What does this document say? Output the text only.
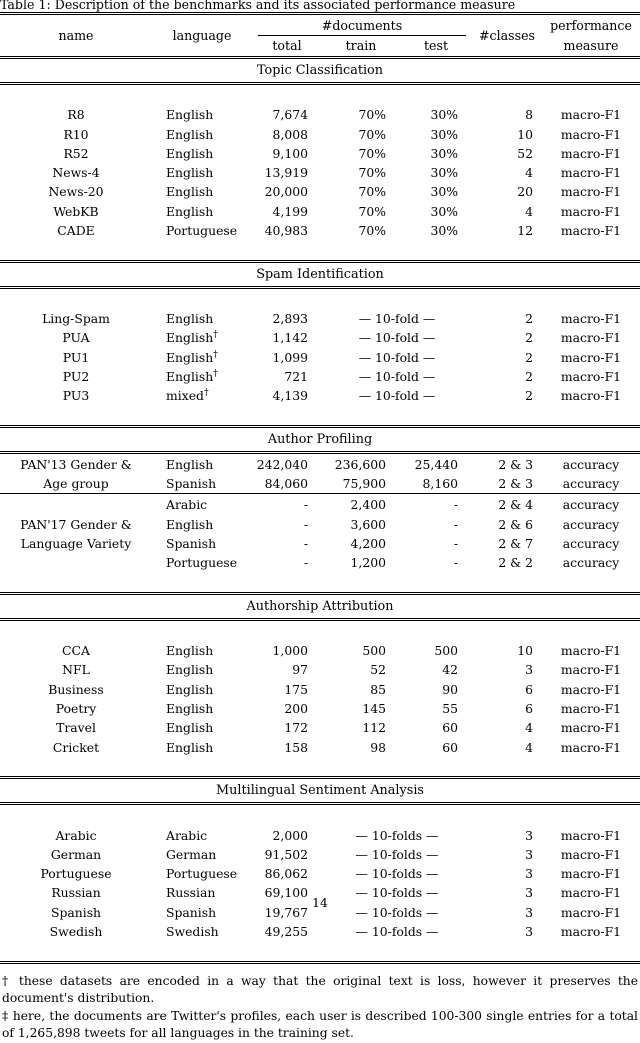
Table 1: Description of the benchmarks and its associated performance measure

name	language	#documents			#classes	performance
		total	train	test		measure

Topic Classification						

R8	English	7,674	70%	30%	8	macro-F1
R10	English	8,008	70%	30%	10	macro-F1
R52	English	9,100	70%	30%	52	macro-F1
News-4	English	13,919	70%	30%	4	macro-F1
News-20	English	20,000	70%	30%	20	macro-F1
WebKB	English	4,199	70%	30%	4	macro-F1
CADE	Portuguese	40,983	70%	30%	12	macro-F1

Spam Identification						

Ling-Spam	English	2,893	— 10-fold —		2	macro-F1
PUA	English†	1,142	— 10-fold —		2	macro-F1
PU1	English†	1,099	— 10-fold —		2	macro-F1
PU2	English†	721	— 10-fold —		2	macro-F1
PU3	mixed†	4,139	— 10-fold —		2	macro-F1

Author Profiling						

PAN'13 Gender &
Age group	English	242,040	236,600	25,440	2 & 3	accuracy
	Spanish	84,060	75,900	8,160	2 & 3	accuracy

PAN'17 Gender &
Language Variety	Arabic	-	2,400	-	2 & 4	accuracy
	English	-	3,600	-	2 & 6	accuracy
	Spanish	-	4,200	-	2 & 7	accuracy
	Portuguese	-	1,200	-	2 & 2	accuracy

Authorship Attribution						

CCA	English	1,000	500	500	10	macro-F1
NFL	English	97	52	42	3	macro-F1
Business	English	175	85	90	6	macro-F1
Poetry	English	200	145	55	6	macro-F1
Travel	English	172	112	60	4	macro-F1
Cricket	English	158	98	60	4	macro-F1

Multilingual Sentiment Analysis						

Arabic	Arabic	2,000	— 10-folds —		3	macro-F1
German	German	91,502	— 10-folds —		3	macro-F1
Portuguese	Portuguese	86,062	— 10-folds —		3	macro-F1
Russian	Russian	69,100	— 10-folds —		3	macro-F1
Spanish	Spanish	19,767	— 10-folds —		3	macro-F1
Swedish	Swedish	49,255	— 10-folds —		3	macro-F1

† these datasets are encoded in a way that the original text is loss, however it preserves the document's distribution.
‡ here, the documents are Twitter's profiles, each user is described 100-300 single entries for a total of 1,265,898 tweets for all languages in the training set.
14
